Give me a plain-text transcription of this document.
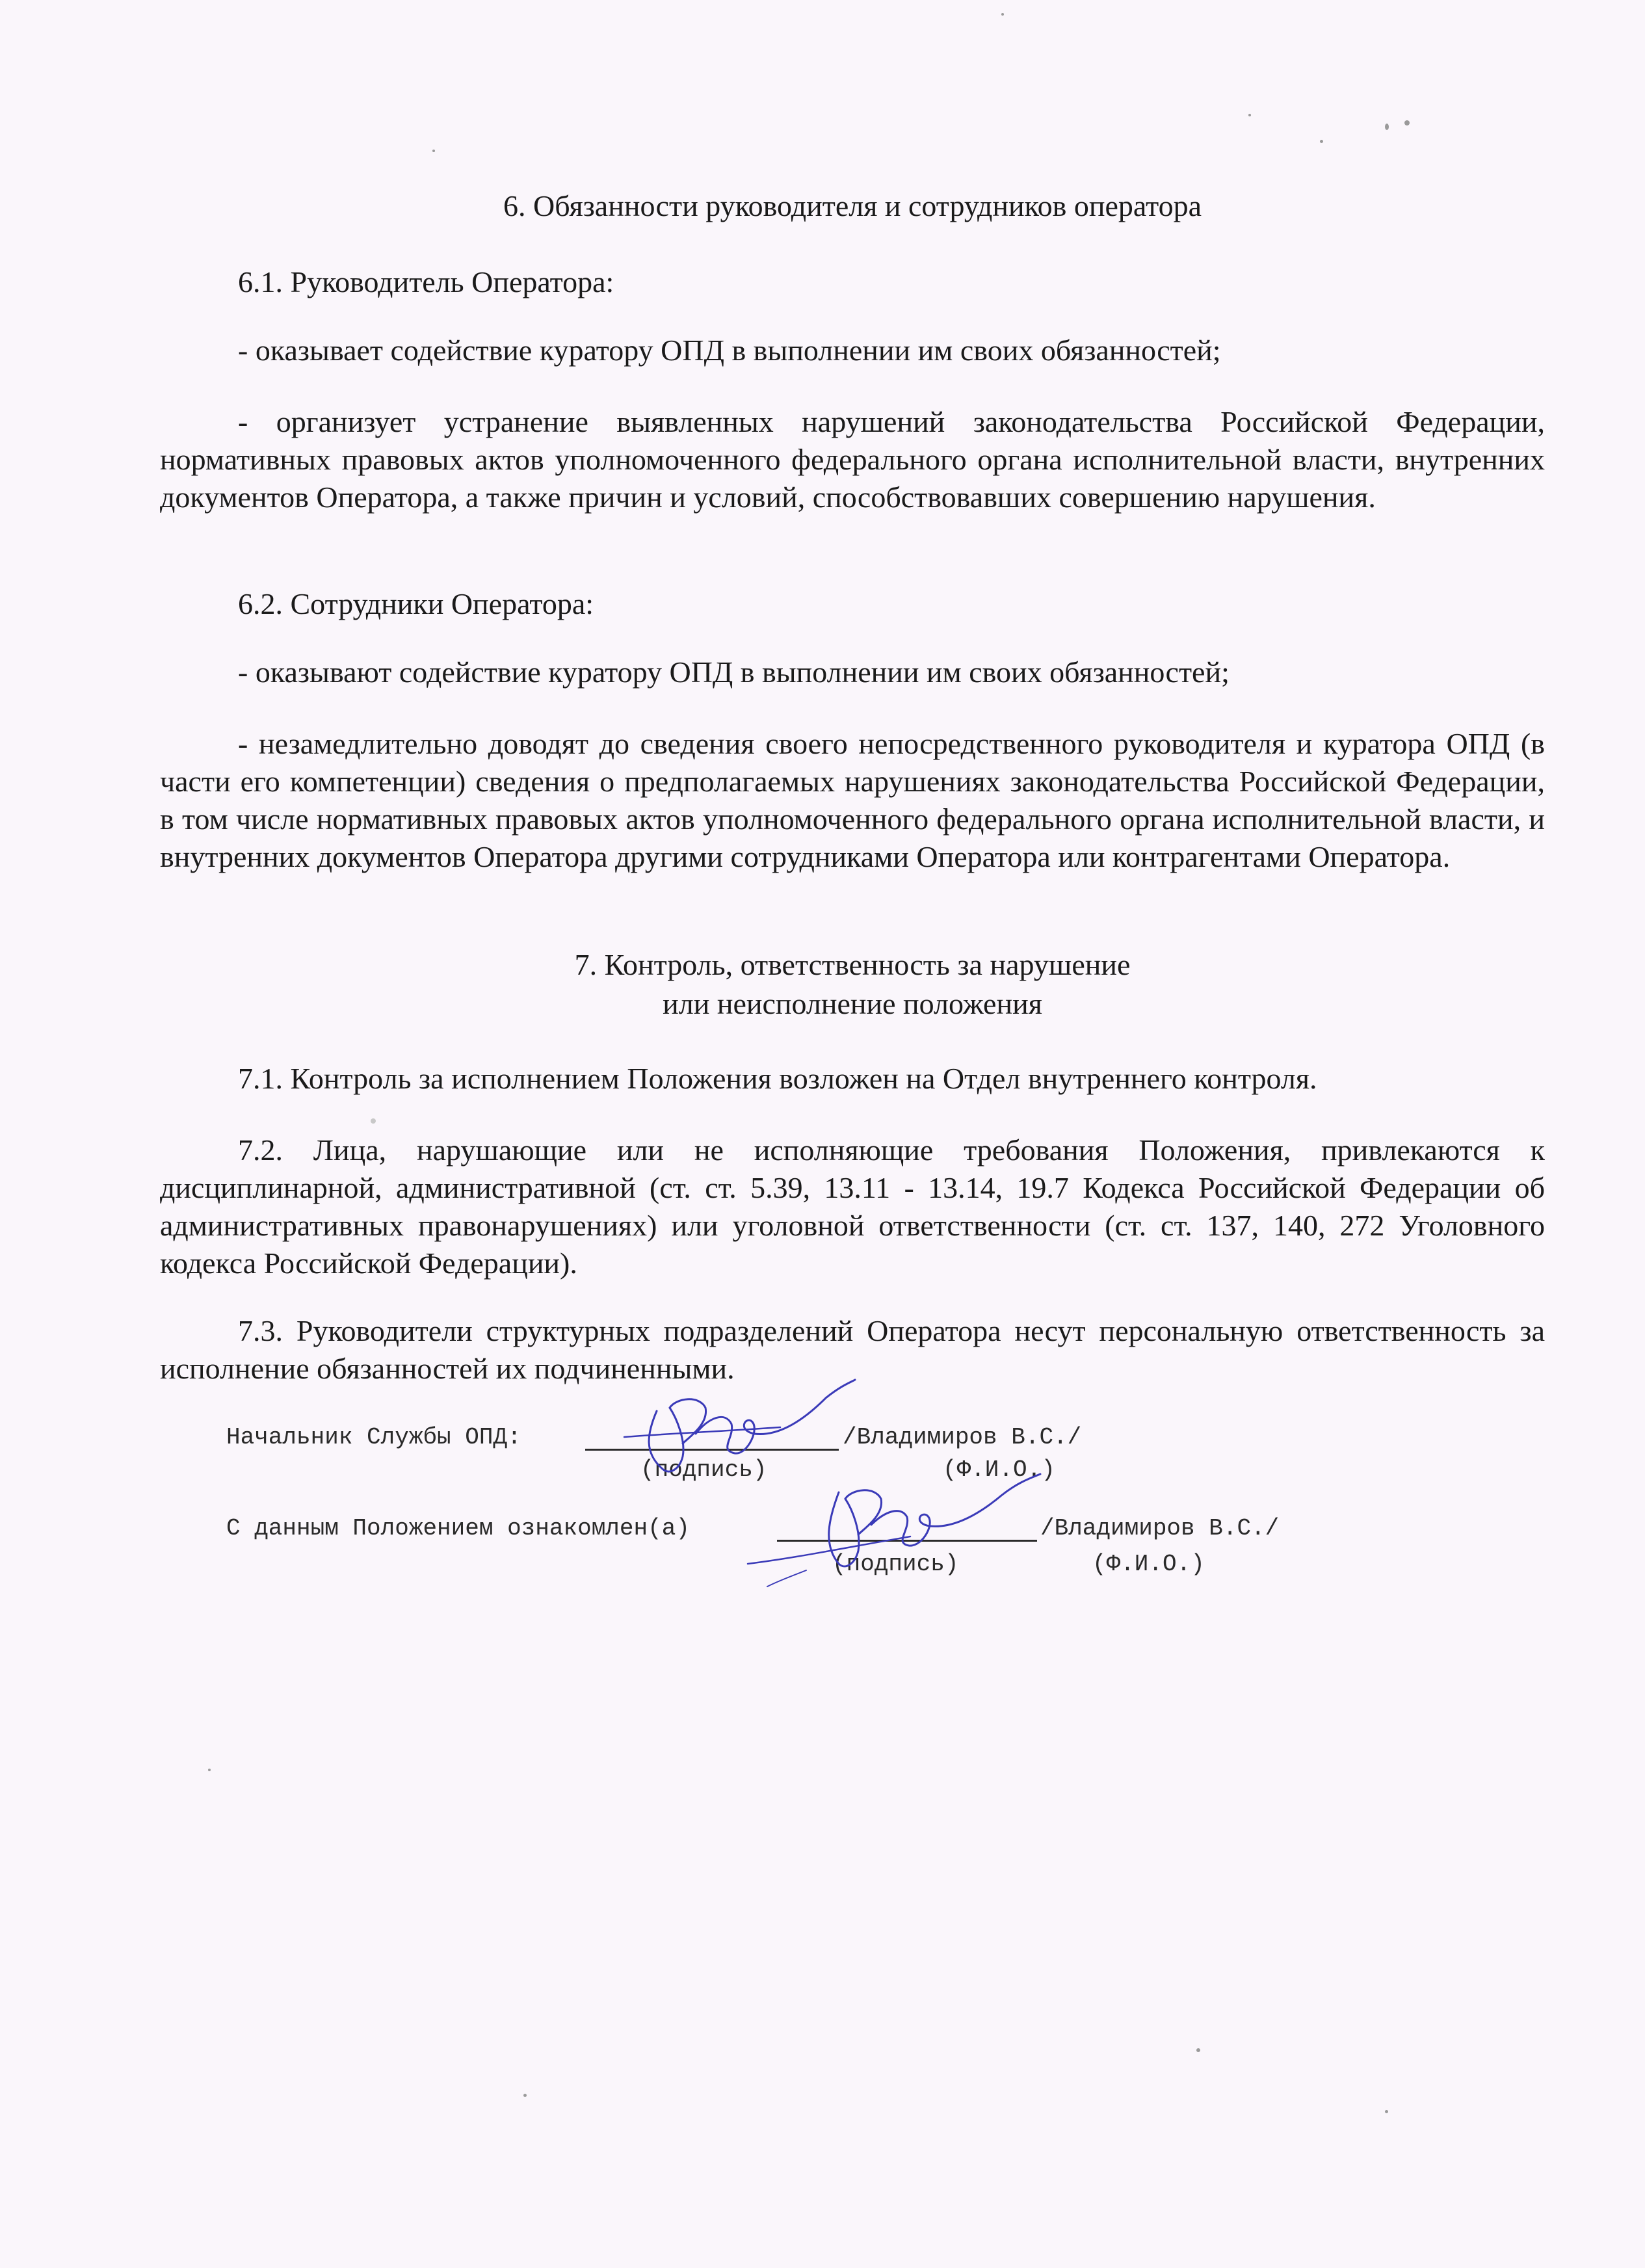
6. Обязанности руководителя и сотрудников оператора
6.1. Руководитель Оператора:
- оказывает содействие куратору ОПД в выполнении им своих обязанностей;
- организует устранение выявленных нарушений законодательства Российской Федерации, нормативных правовых актов уполномоченного федерального органа исполнительной власти, внутренних документов Оператора, а также причин и условий, способствовавших совершению нарушения.
6.2. Сотрудники Оператора:
- оказывают содействие куратору ОПД в выполнении им своих обязанностей;
- незамедлительно доводят до сведения своего непосредственного руководителя и куратора ОПД (в части его компетенции) сведения о предполагаемых нарушениях законодательства Российской Федерации, в том числе нормативных правовых актов уполномоченного федерального органа исполнительной власти, и внутренних документов Оператора другими сотрудниками Оператора или контрагентами Оператора.
7. Контроль, ответственность за нарушение
или неисполнение положения
7.1. Контроль за исполнением Положения возложен на Отдел внутреннего контроля.
7.2. Лица, нарушающие или не исполняющие требования Положения, привлекаются к дисциплинарной, административной (ст. ст. 5.39, 13.11 - 13.14, 19.7 Кодекса Российской Федерации об административных правонарушениях) или уголовной ответственности (ст. ст. 137, 140, 272 Уголовного кодекса Российской Федерации).
7.3. Руководители структурных подразделений Оператора несут персональную ответственность за исполнение обязанностей их подчиненными.
Начальник Службы ОПД:	/Владимиров В.С./
(подпись)	(Ф.И.О.)
С данным Положением ознакомлен(а)	/Владимиров В.С./
(подпись)	(Ф.И.О.)
